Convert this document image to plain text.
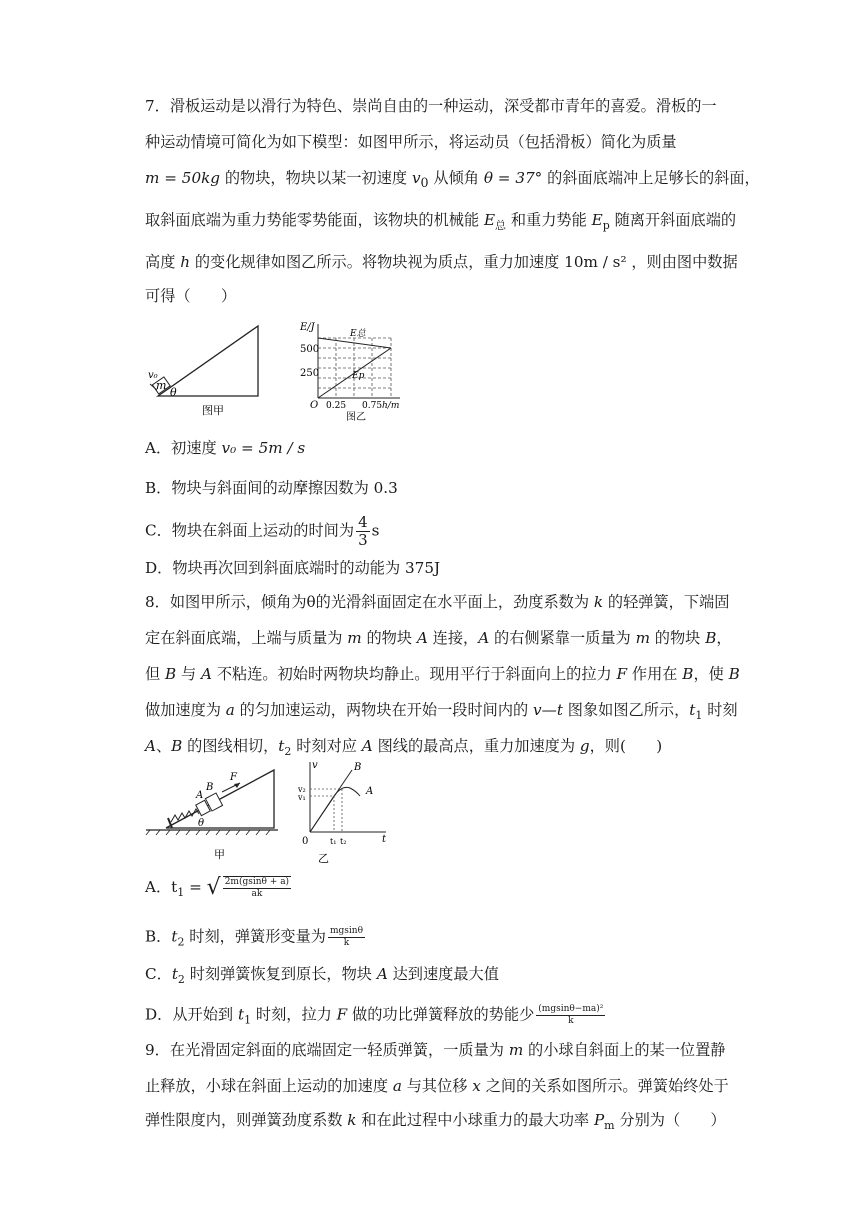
7．滑板运动是以滑行为特色、崇尚自由的一种运动，深受都市青年的喜爱。滑板的一
种运动情境可简化为如下模型：如图甲所示，将运动员（包括滑板）简化为质量
m = 50kg 的物块，物块以某一初速度 $v_0$ 从倾角 θ = 37° 的斜面底端冲上足够长的斜面，
取斜面底端为重力势能零势能面，该物块的机械能 $E_总$ 和重力势能 $E_p$ 随离开斜面底端的
高度 h 的变化规律如图乙所示。将物块视为质点，重力加速度 10m / s² ，则由图中数据
可得（　　）
m
θ
v₀
图甲
E/J
500
250
O 0.25 0.75 h/m
E总
Ep
图乙
A．初速度 v₀ = 5m / s
B．物块与斜面间的动摩擦因数为 0.3
C．物块在斜面上运动的时间为 $\frac{4}{3}$ s
D．物块再次回到斜面底端时的动能为 375J
8．如图甲所示，倾角为θ的光滑斜面固定在水平面上，劲度系数为 k 的轻弹簧，下端固
定在斜面底端，上端与质量为 m 的物块 A 连接，A 的右侧紧靠一质量为 m 的物块 B，
但 B 与 A 不粘连。初始时两物块均静止。现用平行于斜面向上的拉力 F 作用在 B，使 B
做加速度为 a 的匀加速运动，两物块在开始一段时间内的 v—t 图象如图乙所示，$t_1$ 时刻
A、B 的图线相切，$t_2$ 时刻对应 A 图线的最高点，重力加速度为 g，则(　　)
A
B
F
θ
甲
v
t
0
v₂
v₁
t₁ t₂
B
A
乙
A．$t_1$ = √ $\frac{2m(gsin\theta + a)}{ak}$
B．$t_2$ 时刻，弹簧形变量为 $\frac{mgsin\theta}{k}$
C．$t_2$ 时刻弹簧恢复到原长，物块 A 达到速度最大值
D．从开始到 $t_1$ 时刻，拉力 F 做的功比弹簧释放的势能少 $\frac{\text{(mgsinθ−ma)²}}{k}$
9．在光滑固定斜面的底端固定一轻质弹簧，一质量为 m 的小球自斜面上的某一位置静
止释放，小球在斜面上运动的加速度 a 与其位移 x 之间的关系如图所示。弹簧始终处于
弹性限度内，则弹簧劲度系数 k 和在此过程中小球重力的最大功率 $P_m$ 分别为（　　）
